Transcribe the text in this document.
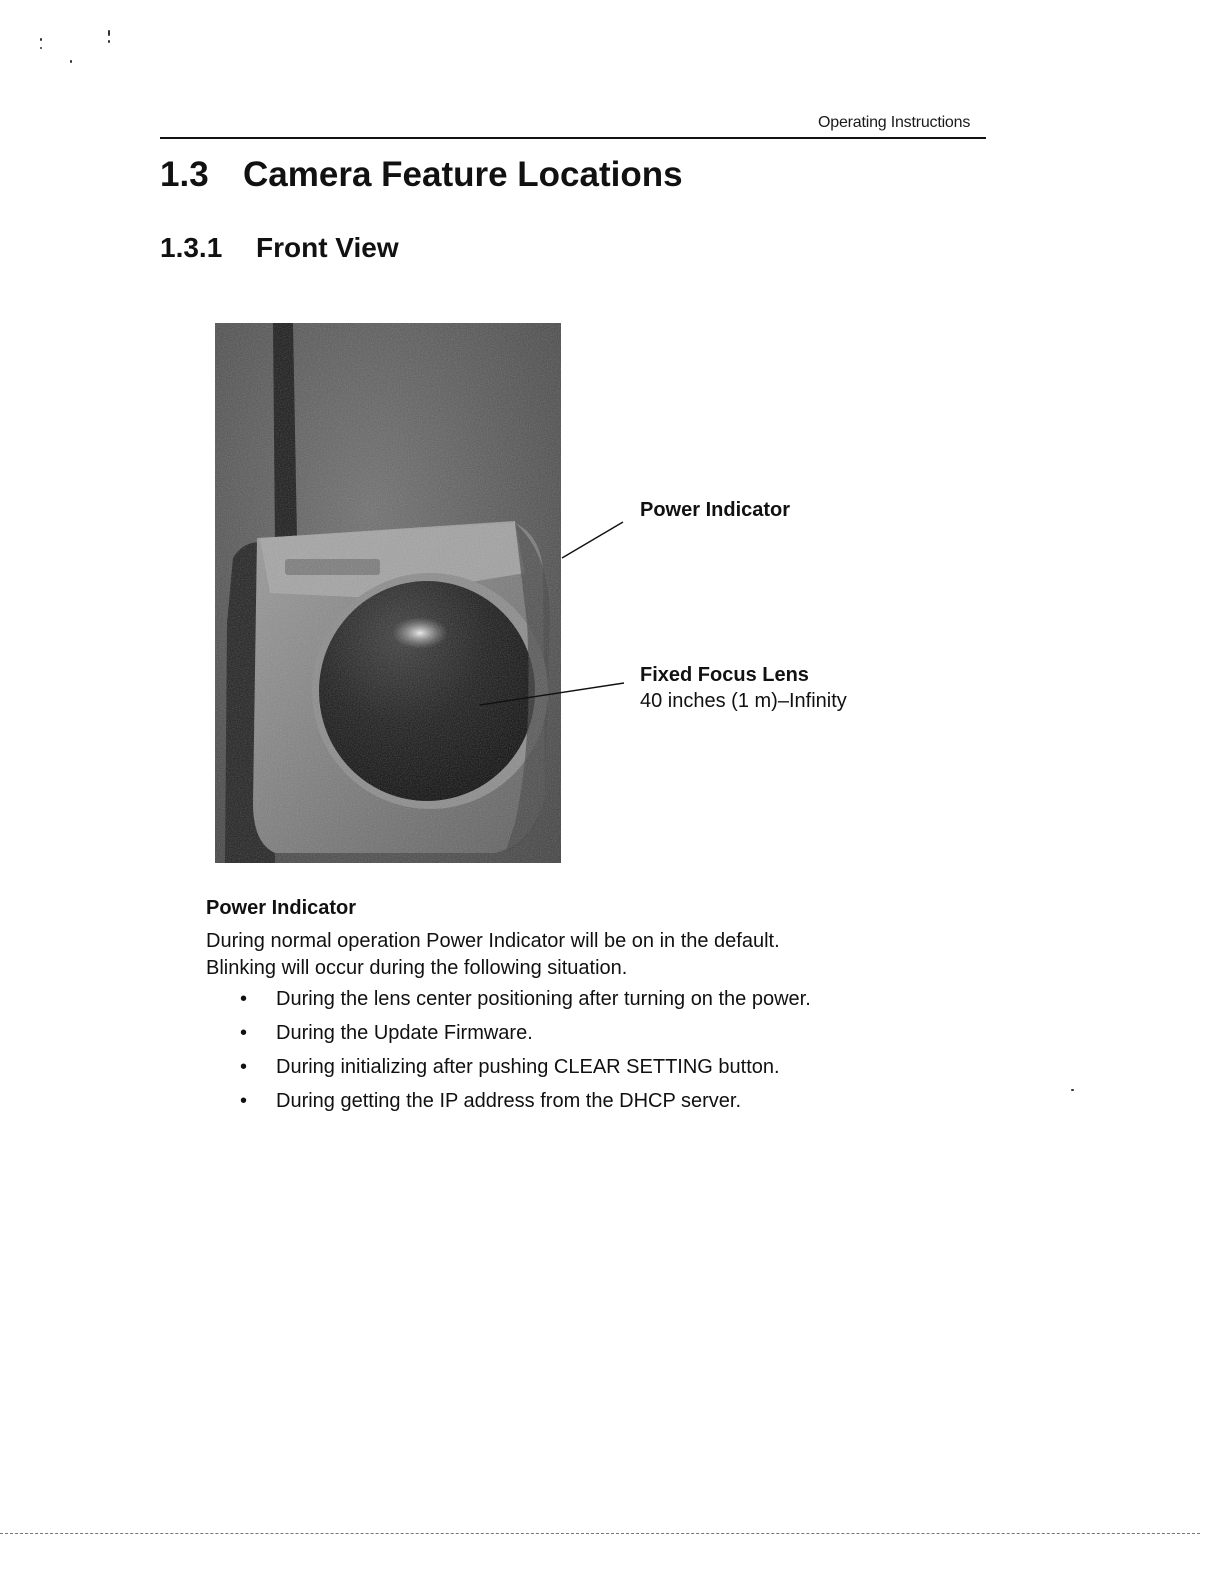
Operating Instructions
1.3 Camera Feature Locations
1.3.1 Front View
Power Indicator
Fixed Focus Lens
40 inches (1 m)–Infinity
Power Indicator
During normal operation Power Indicator will be on in the default.
Blinking will occur during the following situation.
• During the lens center positioning after turning on the power.
• During the Update Firmware.
• During initializing after pushing CLEAR SETTING button.
• During getting the IP address from the DHCP server.
